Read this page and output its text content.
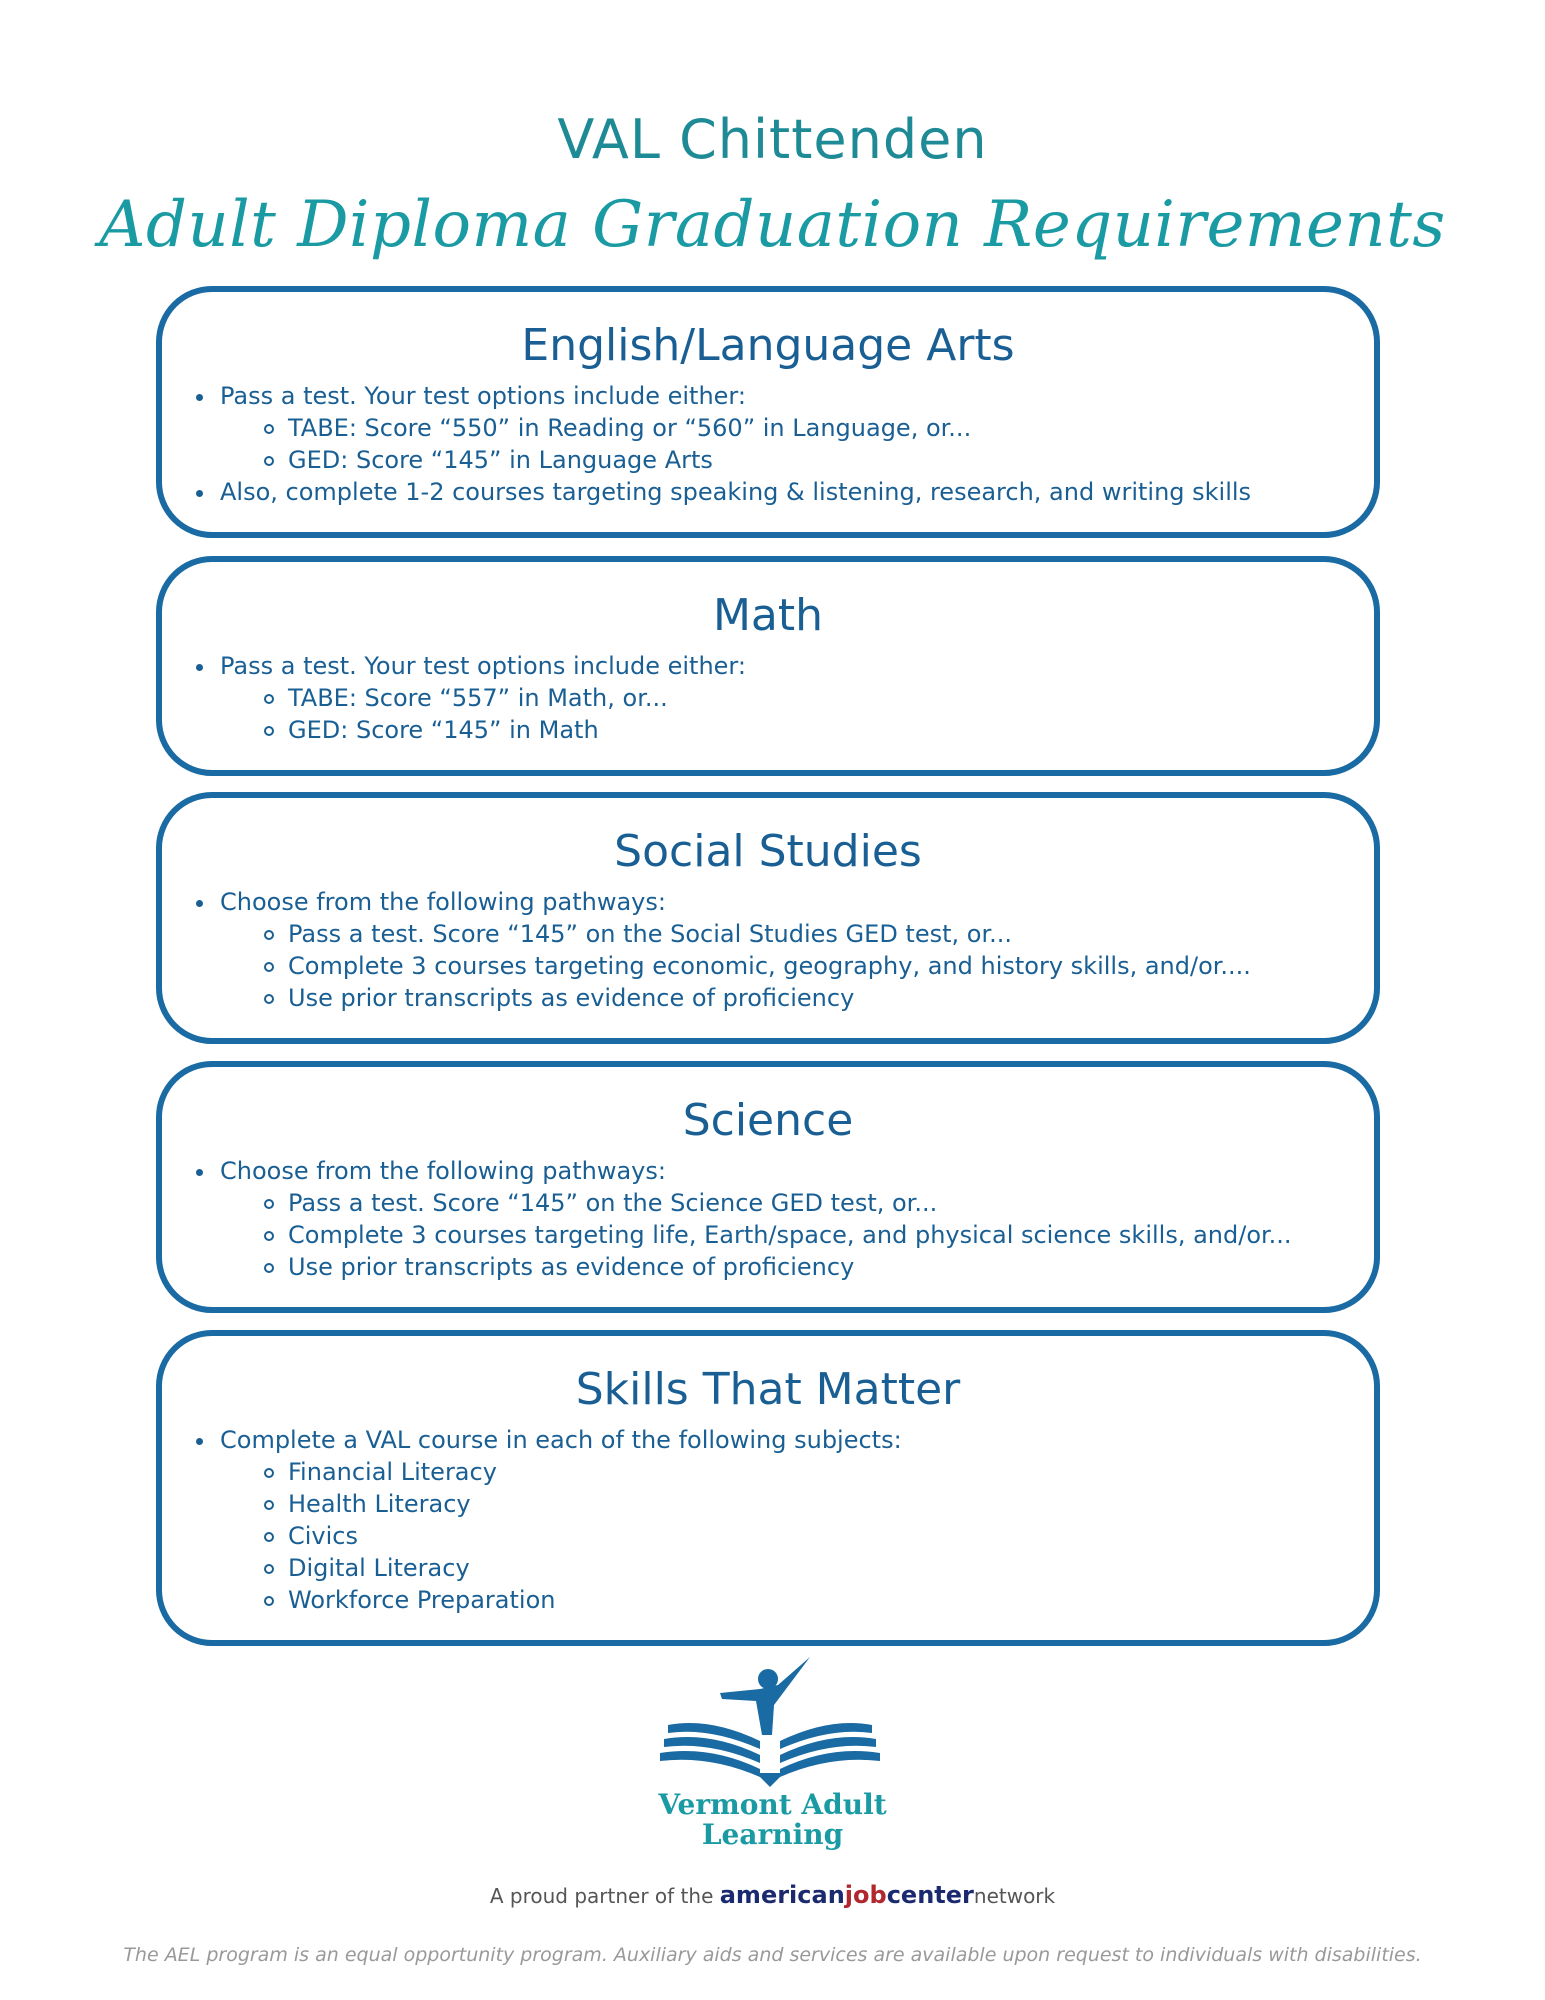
VAL Chittenden
Adult Diploma Graduation Requirements
English/Language Arts
Pass a test. Your test options include either:
TABE: Score “550” in Reading or “560” in Language, or...
GED: Score “145” in Language Arts
Also, complete 1-2 courses targeting speaking & listening, research, and writing skills
Math
Pass a test. Your test options include either:
TABE: Score “557” in Math, or...
GED: Score “145” in Math
Social Studies
Choose from the following pathways:
Pass a test. Score “145” on the Social Studies GED test, or...
Complete 3 courses targeting economic, geography, and history skills, and/or....
Use prior transcripts as evidence of proficiency
Science
Choose from the following pathways:
Pass a test. Score “145” on the Science GED test, or...
Complete 3 courses targeting life, Earth/space, and physical science skills, and/or...
Use prior transcripts as evidence of proficiency
Skills That Matter
Complete a VAL course in each of the following subjects:
Financial Literacy
Health Literacy
Civics
Digital Literacy
Workforce Preparation
Vermont Adult
Learning
A proud partner of the americanjobcenternetwork
The AEL program is an equal opportunity program. Auxiliary aids and services are available upon request to individuals with disabilities.
